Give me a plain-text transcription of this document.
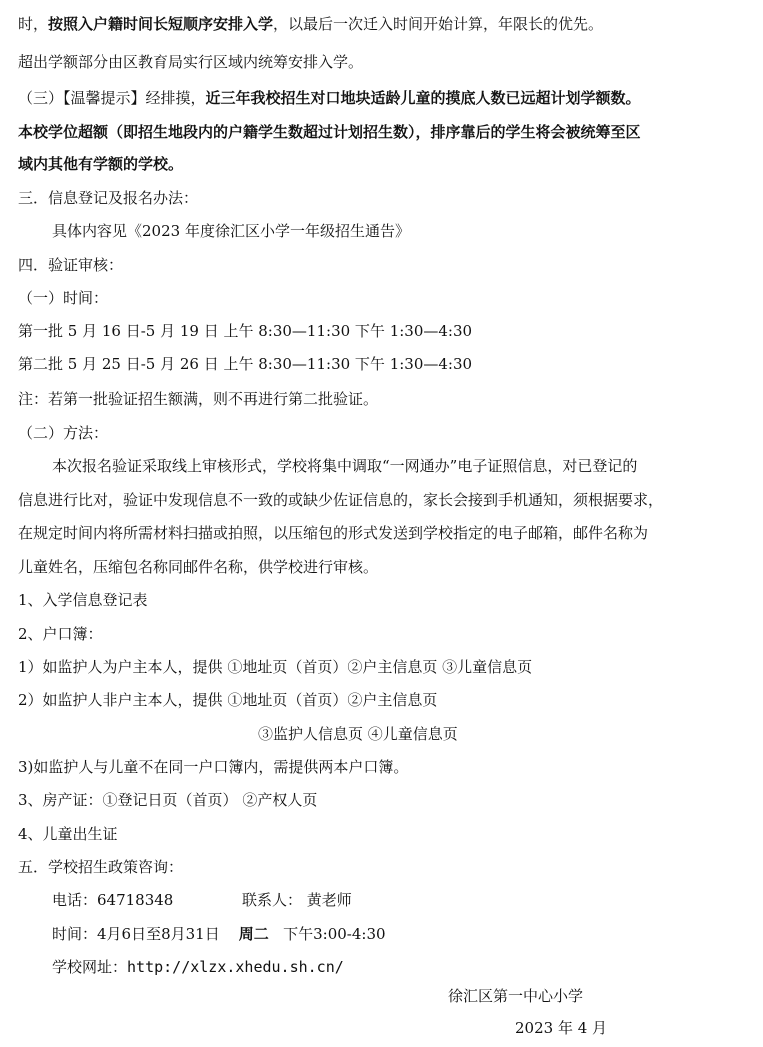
时，按照入户籍时间长短顺序安排入学，以最后一次迁入时间开始计算，年限长的优先。
超出学额部分由区教育局实行区域内统筹安排入学。
（三）【温馨提示】经排摸，近三年我校招生对口地块适龄儿童的摸底人数已远超计划学额数。
本校学位超额（即招生地段内的户籍学生数超过计划招生数），排序靠后的学生将会被统筹至区
域内其他有学额的学校。
三．信息登记及报名办法：
具体内容见《2023 年度徐汇区小学一年级招生通告》
四．验证审核：
（一）时间：
第一批 5 月 16 日-5 月 19 日 上午 8:30—11:30 下午 1:30—4:30
第二批 5 月 25 日-5 月 26 日 上午 8:30—11:30 下午 1:30—4:30
注：若第一批验证招生额满，则不再进行第二批验证。
（二）方法：
本次报名验证采取线上审核形式，学校将集中调取“一网通办”电子证照信息，对已登记的
信息进行比对，验证中发现信息不一致的或缺少佐证信息的，家长会接到手机通知，须根据要求，
在规定时间内将所需材料扫描或拍照，以压缩包的形式发送到学校指定的电子邮箱，邮件名称为
儿童姓名，压缩包名称同邮件名称，供学校进行审核。
1、入学信息登记表
2、户口簿：
1）如监护人为户主本人，提供 ①地址页（首页）②户主信息页 ③儿童信息页
2）如监护人非户主本人，提供 ①地址页（首页）②户主信息页
③监护人信息页 ④儿童信息页
3)如监护人与儿童不在同一户口簿内，需提供两本户口簿。
3、房产证：①登记日页（首页） ②产权人页
4、儿童出生证
五．学校招生政策咨询：
电话：64718348	联系人： 黄老师
时间：4月6日至8月31日 周二 下午3:00-4:30
学校网址：http://xlzx.xhedu.sh.cn/
徐汇区第一中心小学
2023 年 4 月
